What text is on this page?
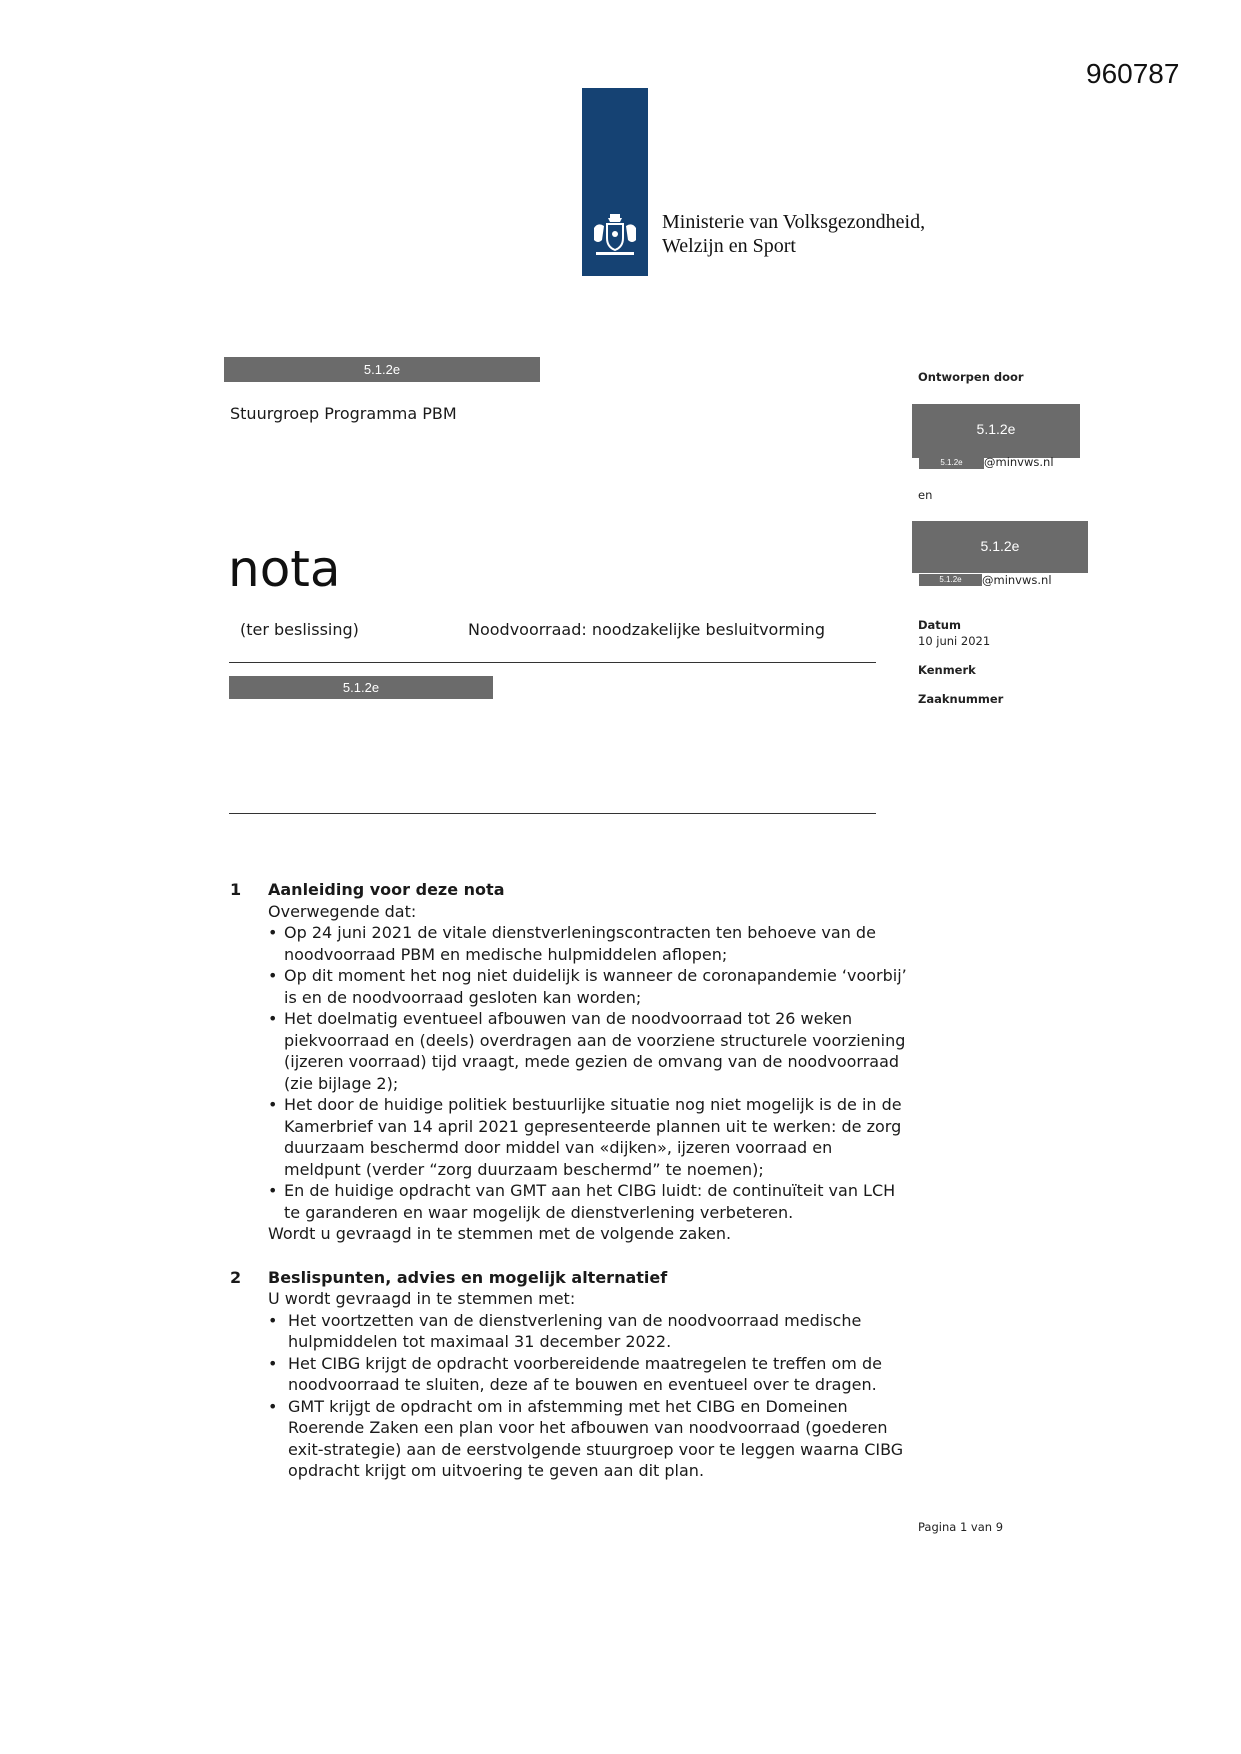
960787
Ministerie van Volksgezondheid,
Welzijn en Sport
5.1.2e
Stuurgroep Programma PBM
Ontworpen door
5.1.2e
5.1.2e	@minvws.nl
en
5.1.2e
5.1.2e	@minvws.nl
Datum
10 juni 2021
Kenmerk
Zaaknummer
nota
(ter beslissing)	Noodvoorraad: noodzakelijke besluitvorming
5.1.2e
1	Aanleiding voor deze nota
Overwegende dat:
• Op 24 juni 2021 de vitale dienstverleningscontracten ten behoeve van de noodvoorraad PBM en medische hulpmiddelen aflopen;
• Op dit moment het nog niet duidelijk is wanneer de coronapandemie ‘voorbij’ is en de noodvoorraad gesloten kan worden;
• Het doelmatig eventueel afbouwen van de noodvoorraad tot 26 weken piekvoorraad en (deels) overdragen aan de voorziene structurele voorziening (ijzeren voorraad) tijd vraagt, mede gezien de omvang van de noodvoorraad (zie bijlage 2);
• Het door de huidige politiek bestuurlijke situatie nog niet mogelijk is de in de Kamerbrief van 14 april 2021 gepresenteerde plannen uit te werken: de zorg duurzaam beschermd door middel van «dijken», ijzeren voorraad en meldpunt (verder “zorg duurzaam beschermd” te noemen);
• En de huidige opdracht van GMT aan het CIBG luidt: de continuïteit van LCH te garanderen en waar mogelijk de dienstverlening verbeteren.
Wordt u gevraagd in te stemmen met de volgende zaken.
2	Beslispunten, advies en mogelijk alternatief
U wordt gevraagd in te stemmen met:
• Het voortzetten van de dienstverlening van de noodvoorraad medische hulpmiddelen tot maximaal 31 december 2022.
• Het CIBG krijgt de opdracht voorbereidende maatregelen te treffen om de noodvoorraad te sluiten, deze af te bouwen en eventueel over te dragen.
• GMT krijgt de opdracht om in afstemming met het CIBG en Domeinen Roerende Zaken een plan voor het afbouwen van noodvoorraad (goederen exit-strategie) aan de eerstvolgende stuurgroep voor te leggen waarna CIBG opdracht krijgt om uitvoering te geven aan dit plan.
Pagina 1 van 9
